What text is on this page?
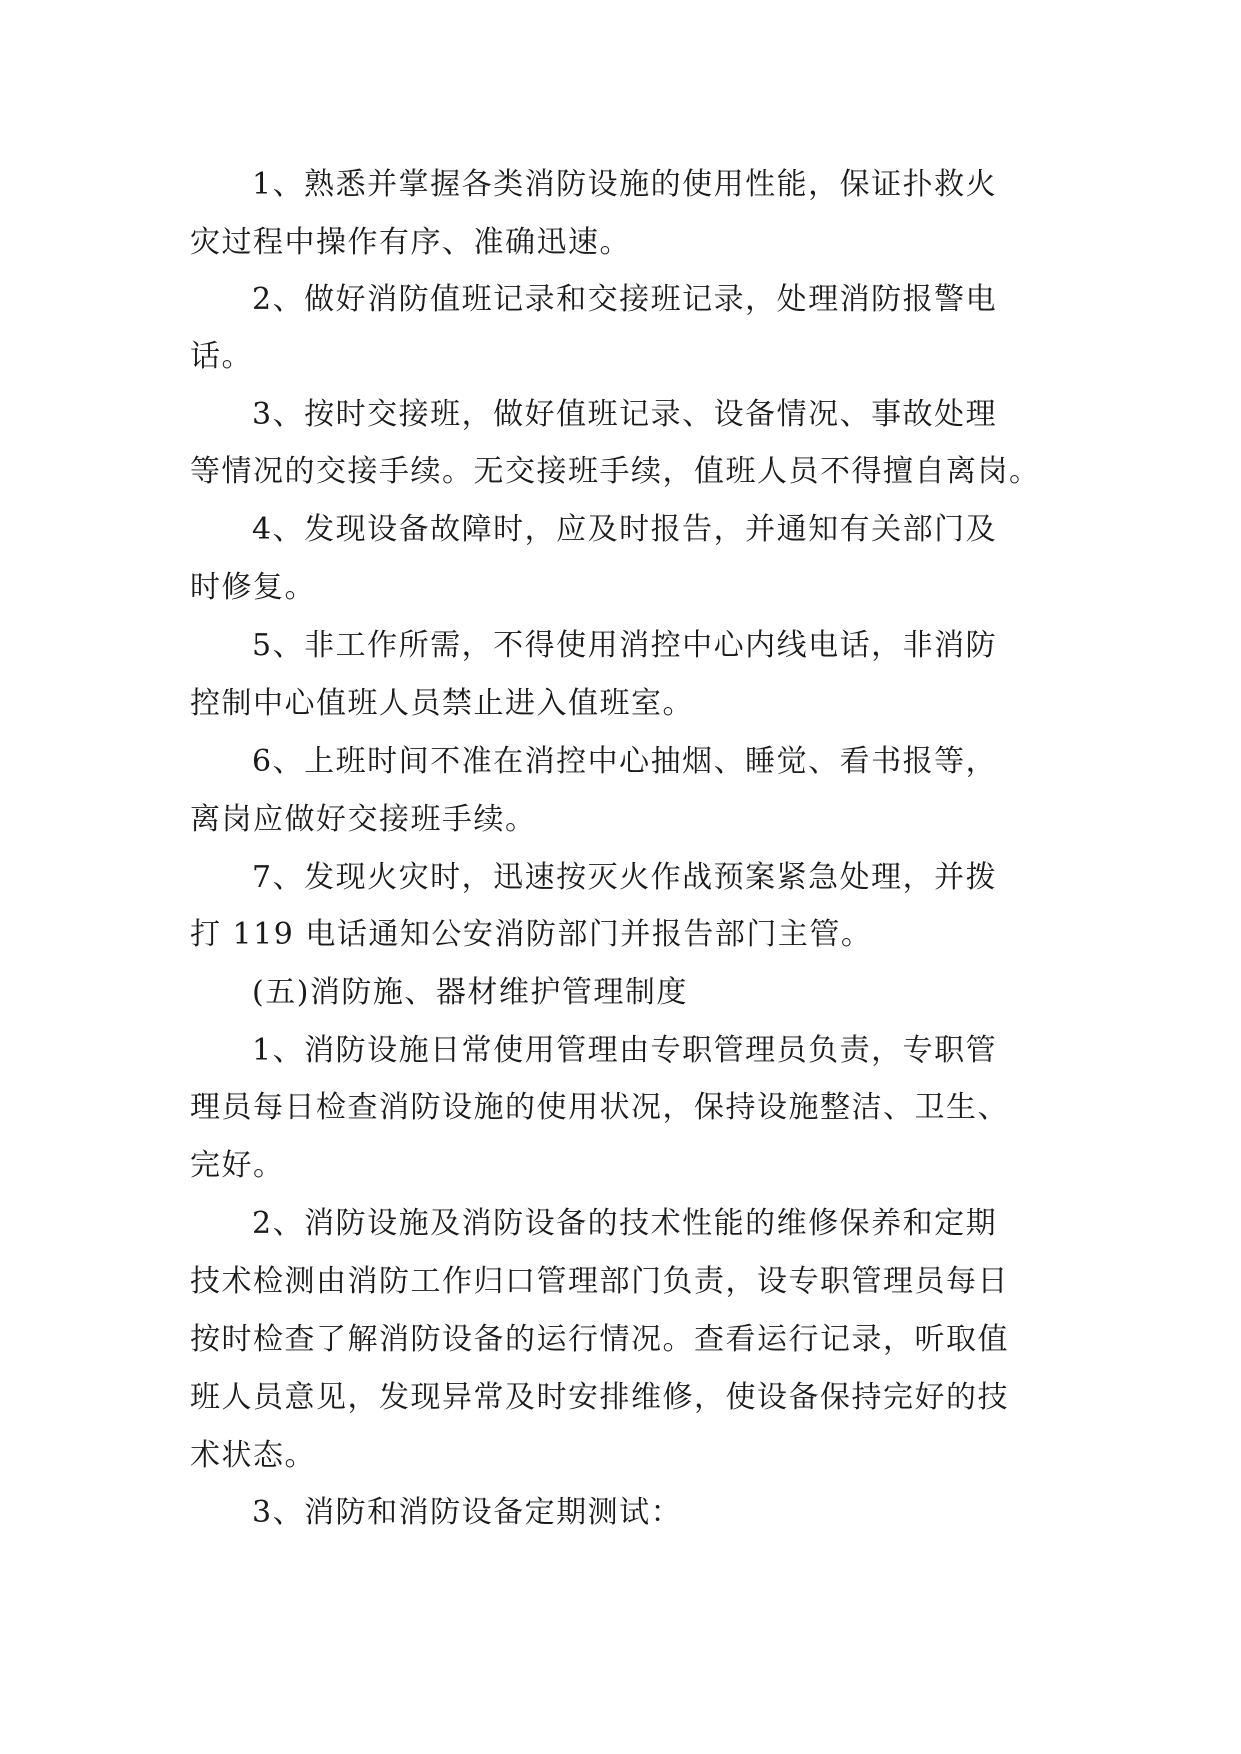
1、熟悉并掌握各类消防设施的使用性能，保证扑救火
灾过程中操作有序、准确迅速。
2、做好消防值班记录和交接班记录，处理消防报警电
话。
3、按时交接班，做好值班记录、设备情况、事故处理
等情况的交接手续。无交接班手续，值班人员不得擅自离岗。
4、发现设备故障时，应及时报告，并通知有关部门及
时修复。
5、非工作所需，不得使用消控中心内线电话，非消防
控制中心值班人员禁止进入值班室。
6、上班时间不准在消控中心抽烟、睡觉、看书报等，
离岗应做好交接班手续。
7、发现火灾时，迅速按灭火作战预案紧急处理，并拨
打 119 电话通知公安消防部门并报告部门主管。
(五)消防施、器材维护管理制度
1、消防设施日常使用管理由专职管理员负责，专职管
理员每日检查消防设施的使用状况，保持设施整洁、卫生、
完好。
2、消防设施及消防设备的技术性能的维修保养和定期
技术检测由消防工作归口管理部门负责，设专职管理员每日
按时检查了解消防设备的运行情况。查看运行记录，听取值
班人员意见，发现异常及时安排维修，使设备保持完好的技
术状态。
3、消防和消防设备定期测试：
